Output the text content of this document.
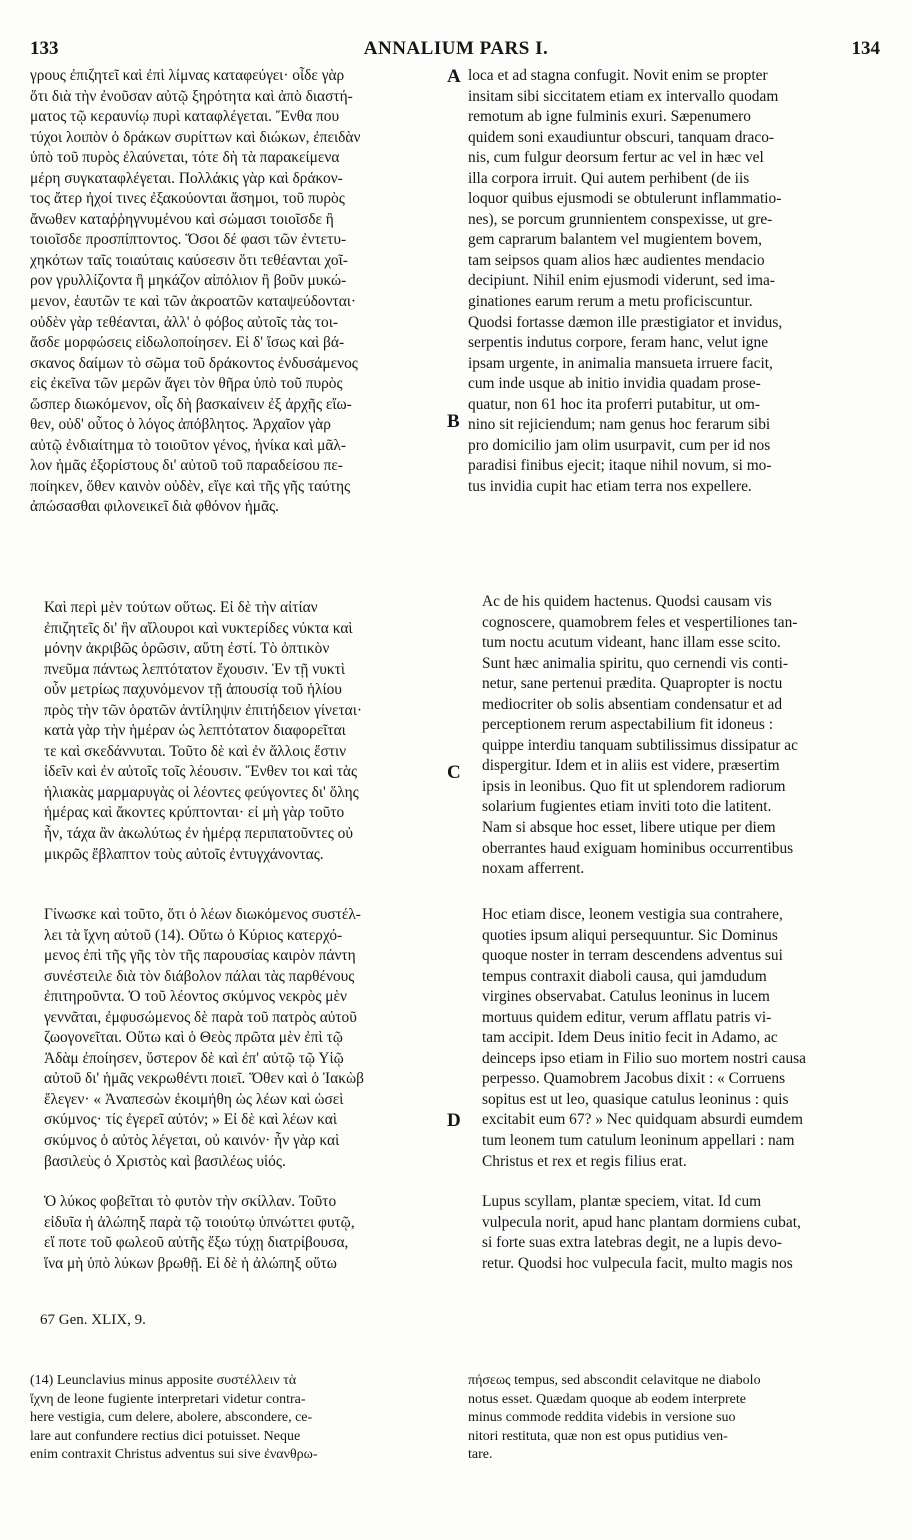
133	ANNALIUM PARS I.	134
A
B
C
D
γρους ἐπιζητεῖ καὶ ἐπὶ λίμνας καταφεύγει· οἶδε γὰρ
ὅτι διὰ τὴν ἐνοῦσαν αὐτῷ ξηρότητα καὶ ἀπὸ διαστή-
ματος τῷ κεραυνίῳ πυρὶ καταφλέγεται. Ἔνθα που
τύχοι λοιπὸν ὁ δράκων συρίττων καὶ διώκων, ἐπειδὰν
ὑπὸ τοῦ πυρὸς ἐλαύνεται, τότε δὴ τὰ παρακείμενα
μέρη συγκαταφλέγεται. Πολλάκις γὰρ καὶ δράκον-
τος ἄτερ ἠχοί τινες ἐξακούονται ἄσημοι, τοῦ πυρὸς
ἄνωθεν καταῤῥηγνυμένου καὶ σώμασι τοιοῖσδε ἢ
τοιοῖσδε προσπίπτοντος. Ὅσοι δέ φασι τῶν ἐντετυ-
χηκότων ταῖς τοιαύταις καύσεσιν ὅτι τεθέανται χοῖ-
ρον γρυλλίζοντα ἢ μηκάζον αἰπόλιον ἢ βοῦν μυκώ-
μενον, ἑαυτῶν τε καὶ τῶν ἀκροατῶν καταψεύδονται·
οὐδὲν γὰρ τεθέανται, ἀλλ' ὁ φόβος αὐτοῖς τὰς τοι-
ἄσδε μορφώσεις εἰδωλοποίησεν. Εἰ δ' ἴσως καὶ βά-
σκανος δαίμων τὸ σῶμα τοῦ δράκοντος ἐνδυσάμενος
εἰς ἐκεῖνα τῶν μερῶν ἄγει τὸν θῆρα ὑπὸ τοῦ πυρὸς
ὥσπερ διωκόμενον, οἷς δὴ βασκαίνειν ἐξ ἀρχῆς εἴω-
θεν, οὐδ' οὗτος ὁ λόγος ἀπόβλητος. Ἀρχαῖον γὰρ
αὐτῷ ἐνδιαίτημα τὸ τοιοῦτον γένος, ἡνίκα καὶ μᾶλ-
λον ἡμᾶς ἐξορίστους δι' αὐτοῦ τοῦ παραδείσου πε-
ποίηκεν, ὅθεν καινὸν οὐδὲν, εἴγε καὶ τῆς γῆς ταύτης
ἀπώσασθαι φιλονεικεῖ διὰ φθόνον ἡμᾶς.
Καὶ περὶ μὲν τούτων οὕτως. Εἰ δὲ τὴν αἰτίαν
ἐπιζητεῖς δι' ἣν αἴλουροι καὶ νυκτερίδες νύκτα καὶ
μόνην ἀκριβῶς ὁρῶσιν, αὕτη ἐστί. Τὸ ὀπτικὸν
πνεῦμα πάντως λεπτότατον ἔχουσιν. Ἐν τῇ νυκτὶ
οὖν μετρίως παχυνόμενον τῇ ἀπουσίᾳ τοῦ ἡλίου
πρὸς τὴν τῶν ὁρατῶν ἀντίληψιν ἐπιτήδειον γίνεται·
κατὰ γὰρ τὴν ἡμέραν ὡς λεπτότατον διαφορεῖται
τε καὶ σκεδάννυται. Τοῦτο δὲ καὶ ἐν ἄλλοις ἔστιν
ἰδεῖν καὶ ἐν αὐτοῖς τοῖς λέουσιν. Ἔνθεν τοι καὶ τὰς
ἡλιακὰς μαρμαρυγὰς οἱ λέοντες φεύγοντες δι' ὅλης
ἡμέρας καὶ ἄκοντες κρύπτονται· εἰ μὴ γὰρ τοῦτο
ἦν, τάχα ἂν ἀκωλύτως ἐν ἡμέρᾳ περιπατοῦντες οὐ
μικρῶς ἔβλαπτον τοὺς αὐτοῖς ἐντυγχάνοντας.
Γίνωσκε καὶ τοῦτο, ὅτι ὁ λέων διωκόμενος συστέλ-
λει τὰ ἴχνη αὐτοῦ (14). Οὕτω ὁ Κύριος κατερχό-
μενος ἐπὶ τῆς γῆς τὸν τῆς παρουσίας καιρὸν πάντη
συνέστειλε διὰ τὸν διάβολον πάλαι τὰς παρθένους
ἐπιτηροῦντα. Ὁ τοῦ λέοντος σκύμνος νεκρὸς μὲν
γεννᾶται, ἐμφυσώμενος δὲ παρὰ τοῦ πατρὸς αὐτοῦ
ζωογονεῖται. Οὕτω καὶ ὁ Θεὸς πρῶτα μὲν ἐπὶ τῷ
Ἀδὰμ ἐποίησεν, ὕστερον δὲ καὶ ἐπ' αὐτῷ τῷ Υἱῷ
αὐτοῦ δι' ἡμᾶς νεκρωθέντι ποιεῖ. Ὅθεν καὶ ὁ Ἰακὼβ
ἔλεγεν· « Ἀναπεσὼν ἐκοιμήθη ὡς λέων καὶ ὡσεὶ
σκύμνος· τίς ἐγερεῖ αὐτόν; » Εἰ δὲ καὶ λέων καὶ
σκύμνος ὁ αὐτὸς λέγεται, οὐ καινόν· ἦν γὰρ καὶ
βασιλεὺς ὁ Χριστὸς καὶ βασιλέως υἱός.
Ὁ λύκος φοβεῖται τὸ φυτὸν τὴν σκίλλαν. Τοῦτο
εἰδυῖα ἡ ἀλώπηξ παρὰ τῷ τοιούτῳ ὑπνώττει φυτῷ,
εἴ ποτε τοῦ φωλεοῦ αὐτῆς ἔξω τύχῃ διατρίβουσα,
ἵνα μὴ ὑπὸ λύκων βρωθῇ. Εἰ δὲ ἡ ἀλώπηξ οὕτω
loca et ad stagna confugit. Novit enim se propter
insitam sibi siccitatem etiam ex intervallo quodam
remotum ab igne fulminis exuri. Sæpenumero
quidem soni exaudiuntur obscuri, tanquam draco-
nis, cum fulgur deorsum fertur ac vel in hæc vel
illa corpora irruit. Qui autem perhibent (de iis
loquor quibus ejusmodi se obtulerunt inflammatio-
nes), se porcum grunnientem conspexisse, ut gre-
gem caprarum balantem vel mugientem bovem,
tam seipsos quam alios hæc audientes mendacio
decipiunt. Nihil enim ejusmodi viderunt, sed ima-
ginationes earum rerum a metu proficiscuntur.
Quodsi fortasse dæmon ille præstigiator et invidus,
serpentis indutus corpore, feram hanc, velut igne
ipsam urgente, in animalia mansueta irruere facit,
cum inde usque ab initio invidia quadam prose-
quatur, non 61 hoc ita proferri putabitur, ut om-
nino sit rejiciendum; nam genus hoc ferarum sibi
pro domicilio jam olim usurpavit, cum per id nos
paradisi finibus ejecit; itaque nihil novum, si mo-
tus invidia cupit hac etiam terra nos expellere.
Ac de his quidem hactenus. Quodsi causam vis
cognoscere, quamobrem feles et vespertiliones tan-
tum noctu acutum videant, hanc illam esse scito.
Sunt hæc animalia spiritu, quo cernendi vis conti-
netur, sane pertenui prædita. Quapropter is noctu
mediocriter ob solis absentiam condensatur et ad
perceptionem rerum aspectabilium fit idoneus :
quippe interdiu tanquam subtilissimus dissipatur ac
dispergitur. Idem et in aliis est videre, præsertim
ipsis in leonibus. Quo fit ut splendorem radiorum
solarium fugientes etiam inviti toto die latitent.
Nam si absque hoc esset, libere utique per diem
oberrantes haud exiguam hominibus occurrentibus
noxam afferrent.
Hoc etiam disce, leonem vestigia sua contrahere,
quoties ipsum aliqui persequuntur. Sic Dominus
quoque noster in terram descendens adventus sui
tempus contraxit diaboli causa, qui jamdudum
virgines observabat. Catulus leoninus in lucem
mortuus quidem editur, verum afflatu patris vi-
tam accipit. Idem Deus initio fecit in Adamo, ac
deinceps ipso etiam in Filio suo mortem nostri causa
perpesso. Quamobrem Jacobus dixit : « Corruens
sopitus est ut leo, quasique catulus leoninus : quis
excitabit eum 67? » Nec quidquam absurdi eumdem
tum leonem tum catulum leoninum appellari : nam
Christus et rex et regis filius erat.
Lupus scyllam, plantæ speciem, vitat. Id cum
vulpecula norit, apud hanc plantam dormiens cubat,
si forte suas extra latebras degit, ne a lupis devo-
retur. Quodsi hoc vulpecula facit, multo magis nos
67 Gen. XLIX, 9.
(14) Leunclavius minus apposite συστέλλειν τὰ
ἴχνη de leone fugiente interpretari videtur contra-
here vestigia, cum delere, abolere, abscondere, ce-
lare aut confundere rectius dici potuisset. Neque
enim contraxit Christus adventus sui sive ἐνανθρω-
πήσεως tempus, sed abscondit celavitque ne diabolo
notus esset. Quædam quoque ab eodem interprete
minus commode reddita videbis in versione suo
nitori restituta, quæ non est opus putidius ven-
tare.
